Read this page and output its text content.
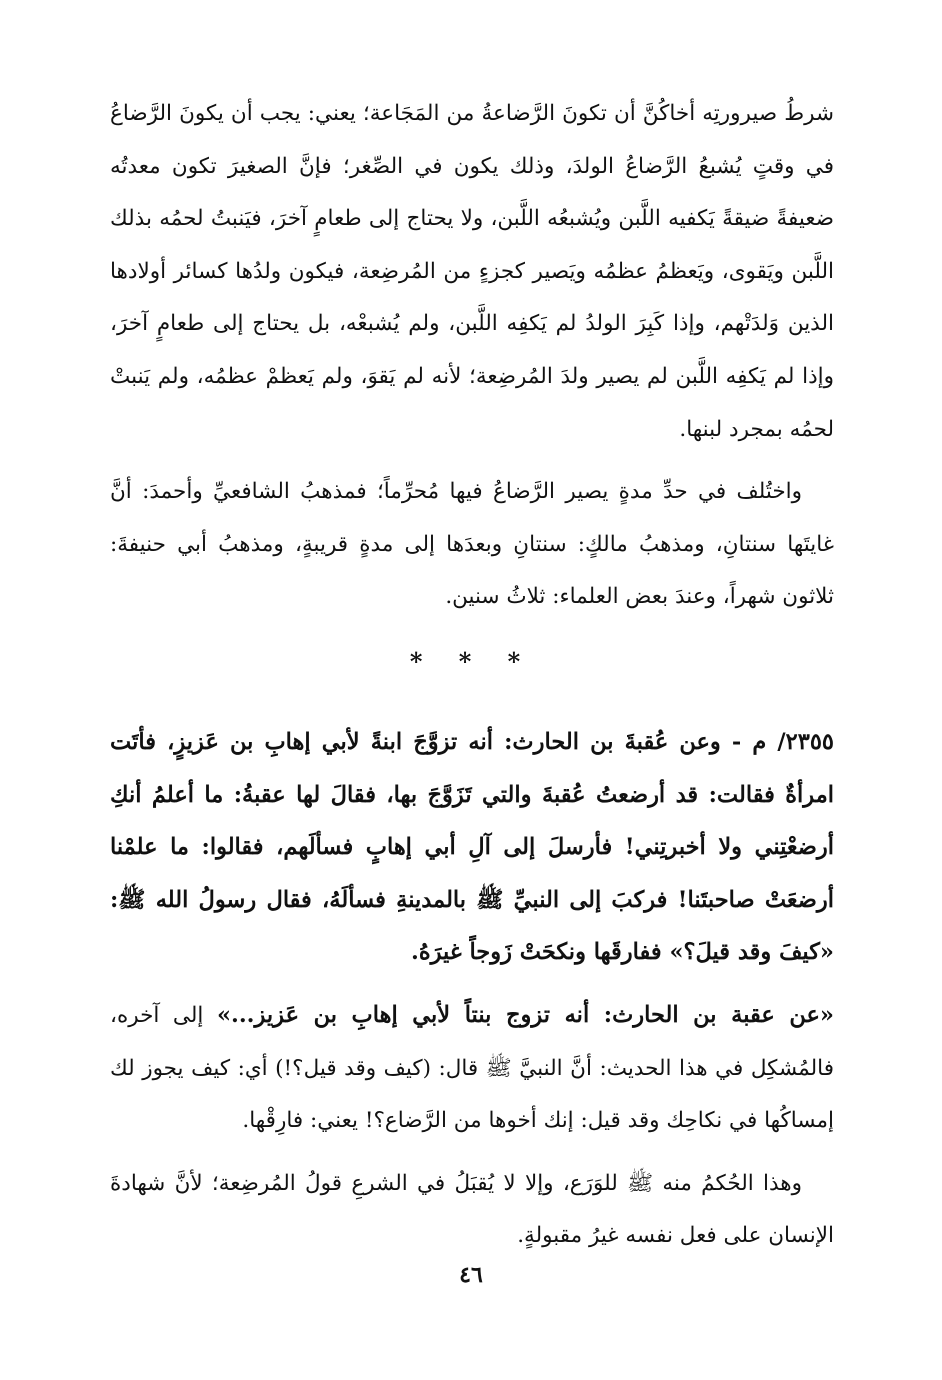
شرطُ صيرورتِه أخاكُنَّ أن تكونَ الرَّضاعةُ من المَجَاعة؛ يعني: يجب أن يكونَ الرَّضاعُ في وقتٍ يُشبعُ الرَّضاعُ الولدَ، وذلك يكون في الصِّغر؛ فإنَّ الصغيرَ تكون معدتُه ضعيفةً ضيقةً يَكفيه اللَّبن ويُشبعُه اللَّبن، ولا يحتاج إلى طعامٍ آخرَ، فيَنبتُ لحمُه بذلك اللَّبن ويَقوى، ويَعظمُ عظمُه ويَصير كجزءٍ من المُرضِعة، فيكون ولدُها كسائر أولادها الذين وَلدَتْهم، وإذا كَبِرَ الولدُ لم يَكفِه اللَّبن، ولم يُشبعْه، بل يحتاج إلى طعامٍ آخرَ، وإذا لم يَكفِه اللَّبن لم يصير ولدَ المُرضِعة؛ لأنه لم يَقوَ، ولم يَعظمْ عظمُه، ولم يَنبتْ لحمُه بمجرد لبنها.

واختُلف في حدِّ مدةٍ يصير الرَّضاعُ فيها مُحرِّماً؛ فمذهبُ الشافعيِّ وأحمدَ: أنَّ غايتَها سنتانِ، ومذهبُ مالكٍ: سنتانِ وبعدَها إلى مدةٍ قريبةٍ، ومذهبُ أبي حنيفةَ: ثلاثون شهراً، وعندَ بعض العلماء: ثلاثُ سنين.

* * *

٢٣٥٥/ م - وعن عُقبةَ بن الحارث: أنه تزوَّجَ ابنةً لأبي إهابِ بن عَزيزٍ، فأتَت امرأةٌ فقالت: قد أرضعتُ عُقبةَ والتي تَزَوَّجَ بها، فقالَ لها عقبةُ: ما أعلمُ أنكِ أرضعْتِني ولا أخبرتِني! فأرسلَ إلى آلِ أبي إهابٍ فسألَهم، فقالوا: ما علمْنا أرضعَتْ صاحبتَنا! فركبَ إلى النبيِّ ﷺ بالمدينةِ فسألَهُ، فقال رسولُ الله ﷺ: «كيفَ وقد قيلَ؟» ففارقَها ونكحَتْ زَوجاً غيرَهُ.

«عن عقبة بن الحارث: أنه تزوج بنتاً لأبي إهابِ بن عَزيز...» إلى آخره، فالمُشكِل في هذا الحديث: أنَّ النبيَّ ﷺ قال: (كيف وقد قيل؟!) أي: كيف يجوز لك إمساكُها في نكاحِك وقد قيل: إنك أخوها من الرَّضاع؟! يعني: فارِقْها.

وهذا الحُكمُ منه ﷺ للوَرَع، وإلا لا يُقبَلُ في الشرعِ قولُ المُرضِعة؛ لأنَّ شهادةَ الإنسان على فعل نفسه غيرُ مقبولةٍ.

٤٦
